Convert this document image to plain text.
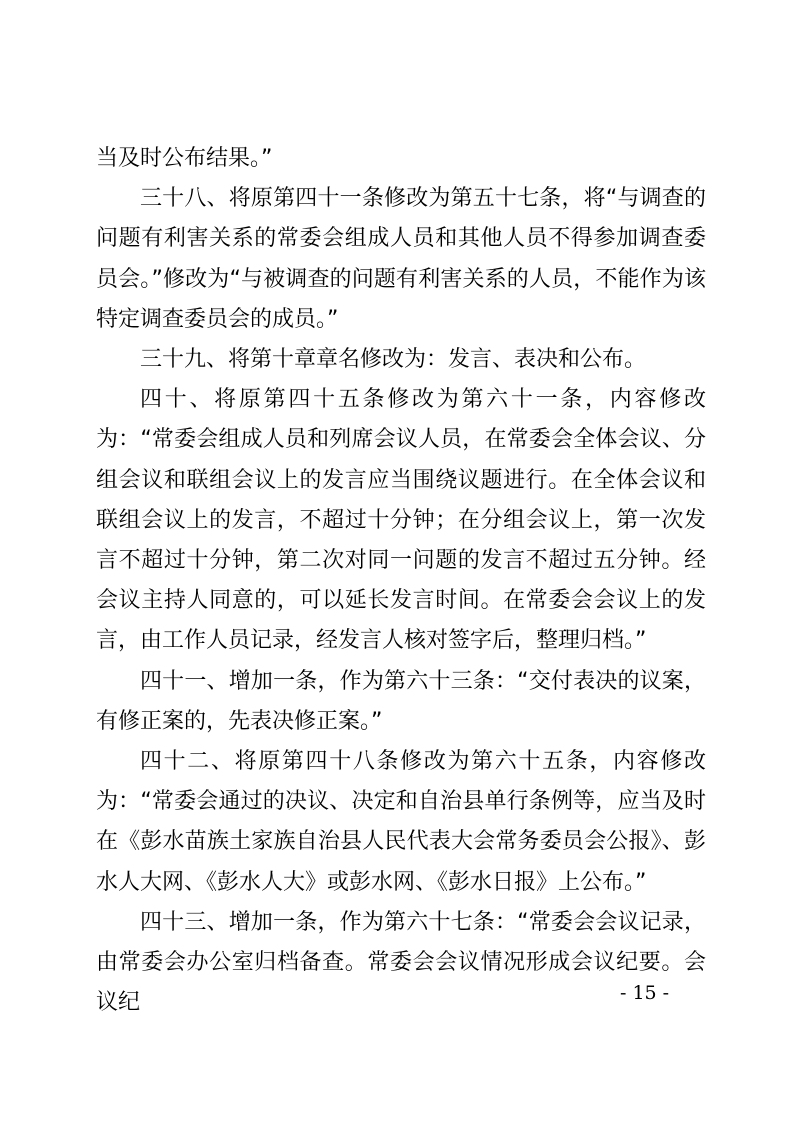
当及时公布结果。”

三十八、将原第四十一条修改为第五十七条，将“与调查的问题有利害关系的常委会组成人员和其他人员不得参加调查委员会。”修改为“与被调查的问题有利害关系的人员，不能作为该特定调查委员会的成员。”

三十九、将第十章章名修改为：发言、表决和公布。

四十、将原第四十五条修改为第六十一条，内容修改为：“常委会组成人员和列席会议人员，在常委会全体会议、分组会议和联组会议上的发言应当围绕议题进行。在全体会议和联组会议上的发言，不超过十分钟；在分组会议上，第一次发言不超过十分钟，第二次对同一问题的发言不超过五分钟。经会议主持人同意的，可以延长发言时间。在常委会会议上的发言，由工作人员记录，经发言人核对签字后，整理归档。”

四十一、增加一条，作为第六十三条：“交付表决的议案，有修正案的，先表决修正案。”

四十二、将原第四十八条修改为第六十五条，内容修改为：“常委会通过的决议、决定和自治县单行条例等，应当及时在《彭水苗族土家族自治县人民代表大会常务委员会公报》、彭水人大网、《彭水人大》或彭水网、《彭水日报》上公布。”

四十三、增加一条，作为第六十七条：“常委会会议记录，由常委会办公室归档备查。常委会会议情况形成会议纪要。会议纪	- 15 -
